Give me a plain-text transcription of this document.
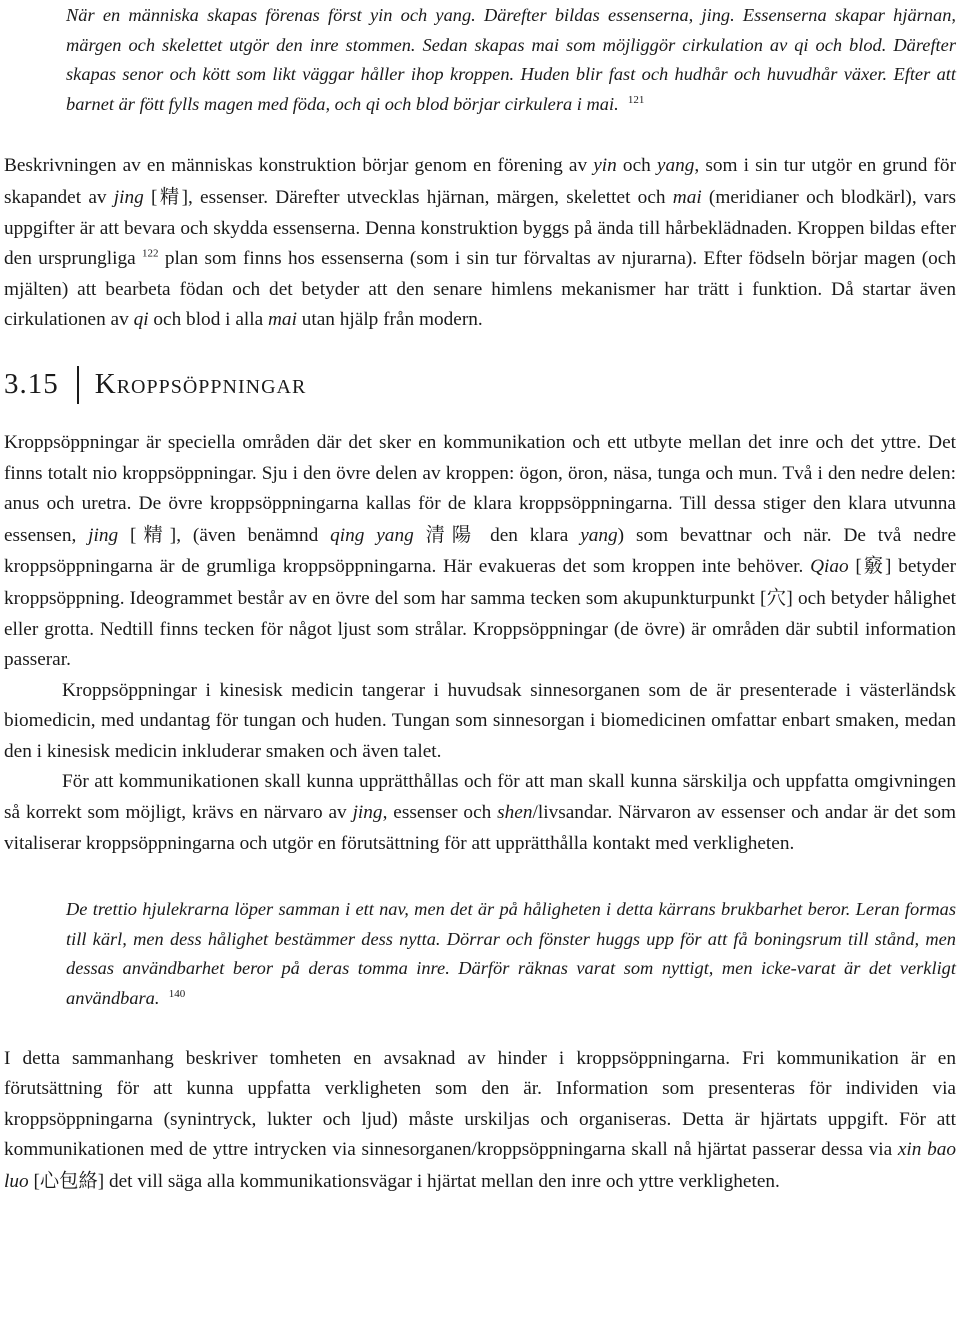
När en människa skapas förenas först yin och yang. Därefter bildas essenserna, jing. Essenserna skapar hjärnan, märgen och skelettet utgör den inre stommen. Sedan skapas mai som möjliggör cirkulation av qi och blod. Därefter skapas senor och kött som likt väggar håller ihop kroppen. Huden blir fast och hudhår och huvudhår växer. Efter att barnet är fött fylls magen med föda, och qi och blod börjar cirkulera i mai. $^{121}$

Beskrivningen av en människas konstruktion börjar genom en förening av yin och yang, som i sin tur utgör en grund för skapandet av jing [精], essenser. Därefter utvecklas hjärnan, märgen, skelettet och mai (meridianer och blodkärl), vars uppgifter är att bevara och skydda essenserna. Denna konstruktion byggs på ända till hårbeklädnaden. Kroppen bildas efter den ursprungliga $^{122}$ plan som finns hos essenserna (som i sin tur förvaltas av njurarna). Efter födseln börjar magen (och mjälten) att bearbeta födan och det betyder att den senare himlens mekanismer har trätt i funktion. Då startar även cirkulationen av qi och blod i alla mai utan hjälp från modern.

3.15 Kroppsöppningar

Kroppsöppningar är speciella områden där det sker en kommunikation och ett utbyte mellan det inre och det yttre. Det finns totalt nio kroppsöppningar. Sju i den övre delen av kroppen: ögon, öron, näsa, tunga och mun. Två i den nedre delen: anus och uretra. De övre kroppsöppningarna kallas för de klara kroppsöppningarna. Till dessa stiger den klara utvunna essensen, jing [精], (även benämnd qing yang 清陽 den klara yang) som bevattnar och när. De två nedre kroppsöppningarna är de grumliga kroppsöppningarna. Här evakueras det som kroppen inte behöver. Qiao [竅] betyder kroppsöppning. Ideogrammet består av en övre del som har samma tecken som akupunkturpunkt [穴] och betyder hålighet eller grotta. Nedtill finns tecken för något ljust som strålar. Kroppsöppningar (de övre) är områden där subtil information passerar.

Kroppsöppningar i kinesisk medicin tangerar i huvudsak sinnesorganen som de är presenterade i västerländsk biomedicin, med undantag för tungan och huden. Tungan som sinnesorgan i biomedicinen omfattar enbart smaken, medan den i kinesisk medicin inkluderar smaken och även talet.

För att kommunikationen skall kunna upprätthållas och för att man skall kunna särskilja och uppfatta omgivningen så korrekt som möjligt, krävs en närvaro av jing, essenser och shen/livsandar. Närvaron av essenser och andar är det som vitaliserar kroppsöppningarna och utgör en förutsättning för att upprätthålla kontakt med verkligheten.

De trettio hjulekrarna löper samman i ett nav, men det är på håligheten i detta kärrans brukbarhet beror. Leran formas till kärl, men dess hålighet bestämmer dess nytta. Dörrar och fönster huggs upp för att få boningsrum till stånd, men dessas användbarhet beror på deras tomma inre. Därför räknas varat som nyttigt, men icke-varat är det verkligt användbara. $^{140}$

I detta sammanhang beskriver tomheten en avsaknad av hinder i kroppsöppningarna. Fri kommunikation är en förutsättning för att kunna uppfatta verkligheten som den är. Information som presenteras för individen via kroppsöppningarna (synintryck, lukter och ljud) måste urskiljas och organiseras. Detta är hjärtats uppgift. För att kommunikationen med de yttre intrycken via sinnesorganen/kroppsöppningarna skall nå hjärtat passerar dessa via xin bao luo [心包絡] det vill säga alla kommunikationsvägar i hjärtat mellan den inre och yttre verkligheten.
